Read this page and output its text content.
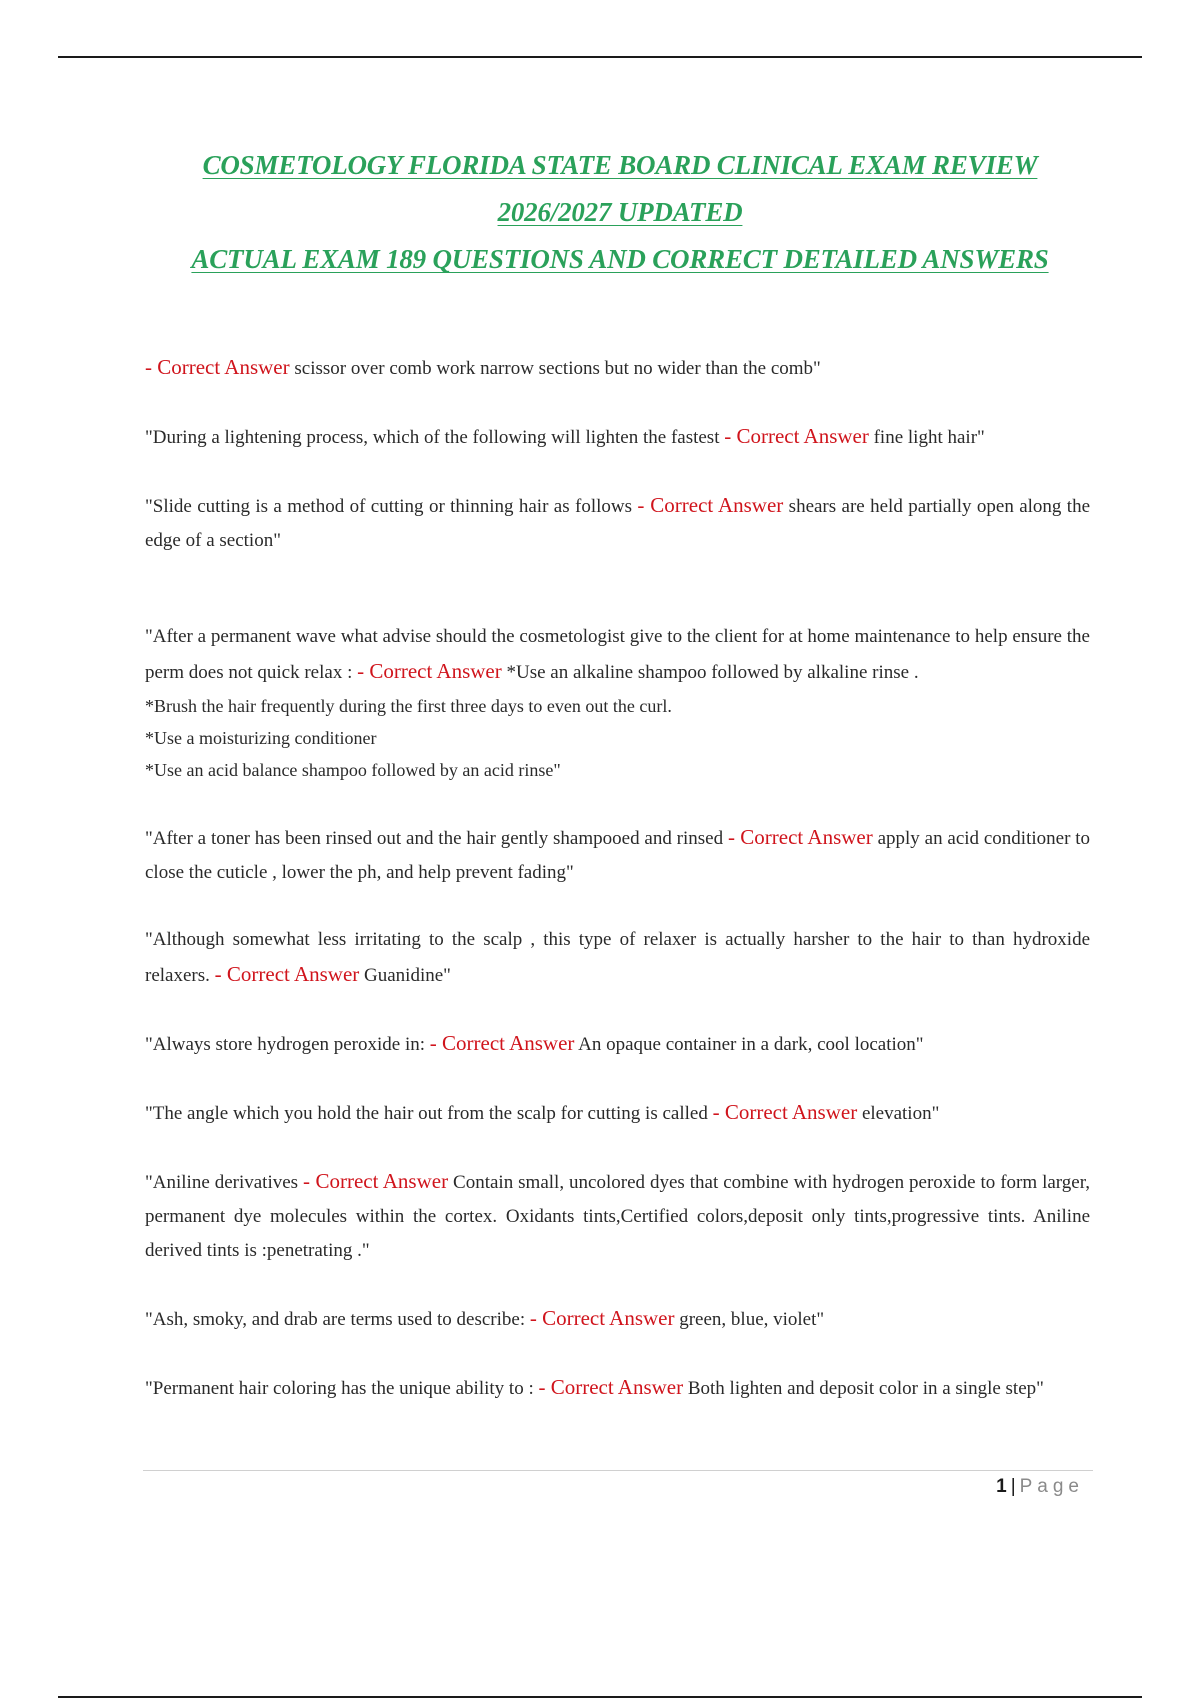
COSMETOLOGY FLORIDA STATE BOARD CLINICAL EXAM REVIEW
2026/2027 UPDATED
ACTUAL EXAM 189 QUESTIONS AND CORRECT DETAILED ANSWERS

- Correct Answer scissor over comb work narrow sections but no wider than the comb"

"During a lightening process, which of the following will lighten the fastest - Correct Answer fine light hair"

"Slide cutting is a method of cutting or thinning hair as follows - Correct Answer shears are held partially open along the edge of a section"

"After a permanent wave what advise should the cosmetologist give to the client for at home maintenance to help ensure the perm does not quick relax : - Correct Answer *Use an alkaline shampoo followed by alkaline rinse .

*Brush the hair frequently during the first three days to even out the curl.

*Use a moisturizing conditioner

*Use an acid balance shampoo followed by an acid rinse"

"After a toner has been rinsed out and the hair gently shampooed and rinsed - Correct Answer apply an acid conditioner to close the cuticle , lower the ph, and help prevent fading"

"Although somewhat less irritating to the scalp , this type of relaxer is actually harsher to the hair to than hydroxide relaxers. - Correct Answer Guanidine"

"Always store hydrogen peroxide in: - Correct Answer An opaque container in a dark, cool location"

"The angle which you hold the hair out from the scalp for cutting is called - Correct Answer elevation"

"Aniline derivatives - Correct Answer Contain small, uncolored dyes that combine with hydrogen peroxide to form larger, permanent dye molecules within the cortex. Oxidants tints,Certified colors,deposit only tints,progressive tints. Aniline derived tints is :penetrating ."

"Ash, smoky, and drab are terms used to describe: - Correct Answer green, blue, violet"

"Permanent hair coloring has the unique ability to : - Correct Answer Both lighten and deposit color in a single step"

1 | Page
